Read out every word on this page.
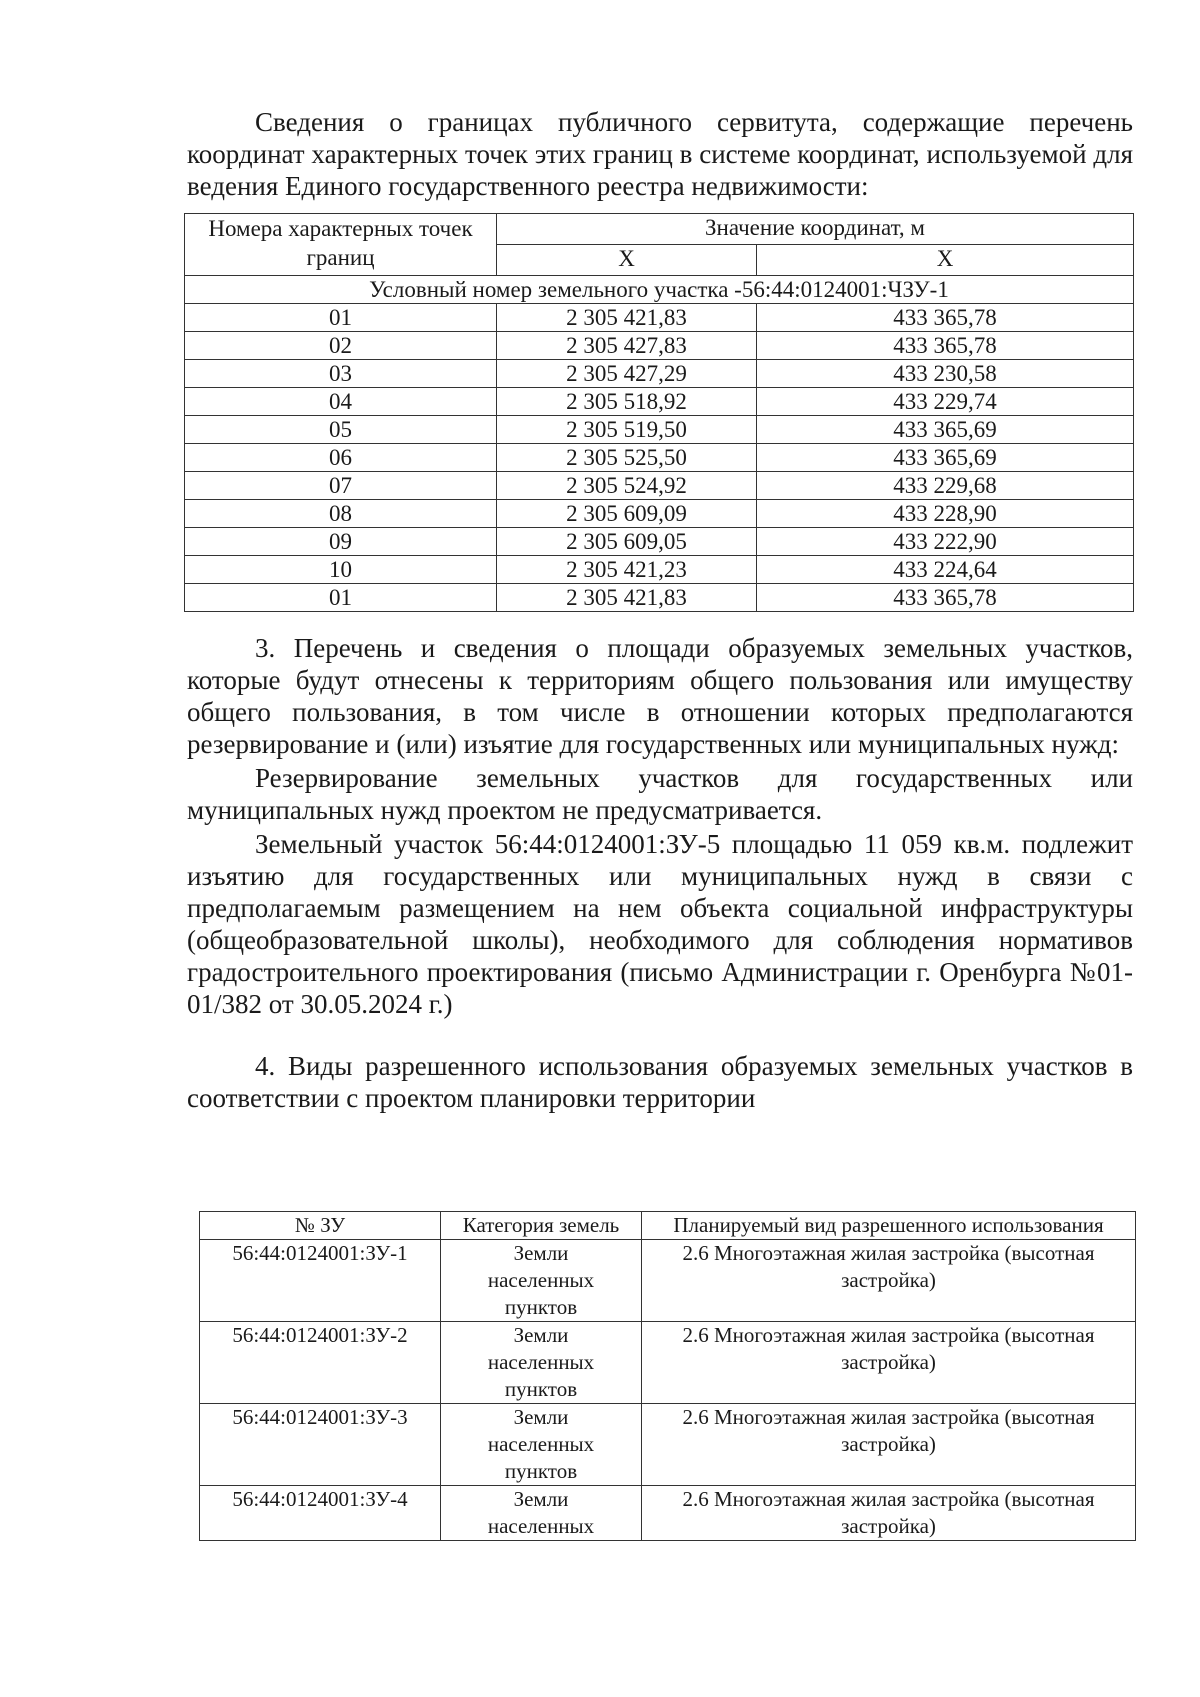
Сведения о границах публичного сервитута, содержащие перечень координат характерных точек этих границ в системе координат, используемой для ведения Единого государственного реестра недвижимости:

Номера характерных точек границ	Значение координат, м	
	X	X
Условный номер земельного участка -56:44:0124001:ЧЗУ-1		
01	2 305 421,83	433 365,78
02	2 305 427,83	433 365,78
03	2 305 427,29	433 230,58
04	2 305 518,92	433 229,74
05	2 305 519,50	433 365,69
06	2 305 525,50	433 365,69
07	2 305 524,92	433 229,68
08	2 305 609,09	433 228,90
09	2 305 609,05	433 222,90
10	2 305 421,23	433 224,64
01	2 305 421,83	433 365,78

3. Перечень и сведения о площади образуемых земельных участков, которые будут отнесены к территориям общего пользования или имуществу общего пользования, в том числе в отношении которых предполагаются резервирование и (или) изъятие для государственных или муниципальных нужд:

Резервирование земельных участков для государственных или муниципальных нужд проектом не предусматривается.

Земельный участок 56:44:0124001:ЗУ-5 площадью 11 059 кв.м. подлежит изъятию для государственных или муниципальных нужд в связи с предполагаемым размещением на нем объекта социальной инфраструктуры (общеобразовательной школы), необходимого для соблюдения нормативов градостроительного проектирования (письмо Администрации г. Оренбурга №01-01/382 от 30.05.2024 г.)

4. Виды разрешенного использования образуемых земельных участков в соответствии с проектом планировки территории

№ ЗУ	Категория земель	Планируемый вид разрешенного использования
56:44:0124001:ЗУ-1	Земли населенных пунктов	2.6 Многоэтажная жилая застройка (высотная застройка)
56:44:0124001:ЗУ-2	Земли населенных пунктов	2.6 Многоэтажная жилая застройка (высотная застройка)
56:44:0124001:ЗУ-3	Земли населенных пунктов	2.6 Многоэтажная жилая застройка (высотная застройка)
56:44:0124001:ЗУ-4	Земли населенных	2.6 Многоэтажная жилая застройка (высотная застройка)
